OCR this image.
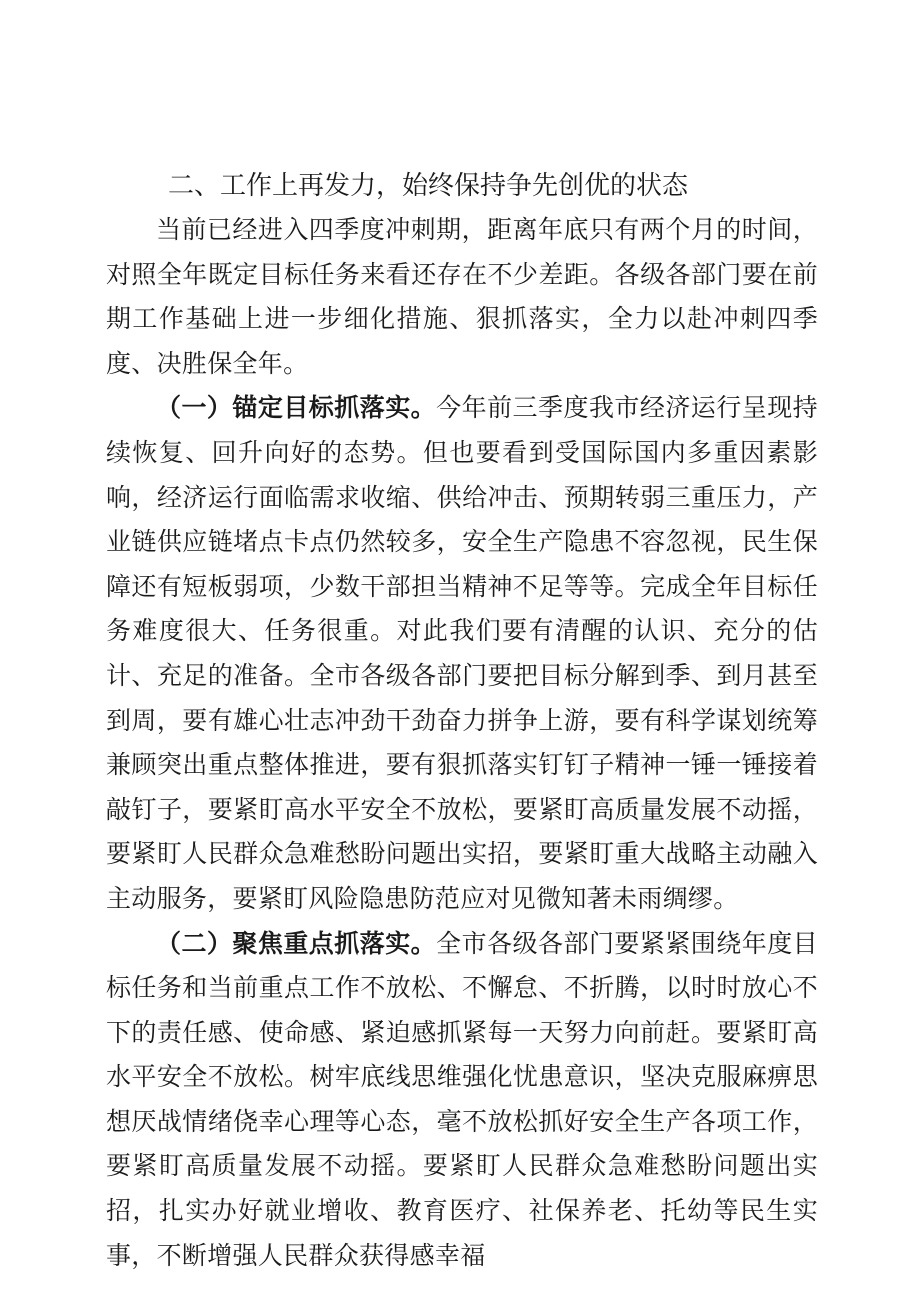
二、工作上再发力，始终保持争先创优的状态

当前已经进入四季度冲刺期，距离年底只有两个月的时间，对照全年既定目标任务来看还存在不少差距。各级各部门要在前期工作基础上进一步细化措施、狠抓落实，全力以赴冲刺四季度、决胜保全年。

（一）锚定目标抓落实。今年前三季度我市经济运行呈现持续恢复、回升向好的态势。但也要看到受国际国内多重因素影响，经济运行面临需求收缩、供给冲击、预期转弱三重压力，产业链供应链堵点卡点仍然较多，安全生产隐患不容忽视，民生保障还有短板弱项，少数干部担当精神不足等等。完成全年目标任务难度很大、任务很重。对此我们要有清醒的认识、充分的估计、充足的准备。全市各级各部门要把目标分解到季、到月甚至到周，要有雄心壮志冲劲干劲奋力拼争上游，要有科学谋划统筹兼顾突出重点整体推进，要有狠抓落实钉钉子精神一锤一锤接着敲钉子，要紧盯高水平安全不放松，要紧盯高质量发展不动摇，要紧盯人民群众急难愁盼问题出实招，要紧盯重大战略主动融入主动服务，要紧盯风险隐患防范应对见微知著未雨绸缪。

（二）聚焦重点抓落实。全市各级各部门要紧紧围绕年度目标任务和当前重点工作不放松、不懈怠、不折腾，以时时放心不下的责任感、使命感、紧迫感抓紧每一天努力向前赶。要紧盯高水平安全不放松。树牢底线思维强化忧患意识，坚决克服麻痹思想厌战情绪侥幸心理等心态，毫不放松抓好安全生产各项工作，要紧盯高质量发展不动摇。要紧盯人民群众急难愁盼问题出实招，扎实办好就业增收、教育医疗、社保养老、托幼等民生实事，不断增强人民群众获得感幸福
